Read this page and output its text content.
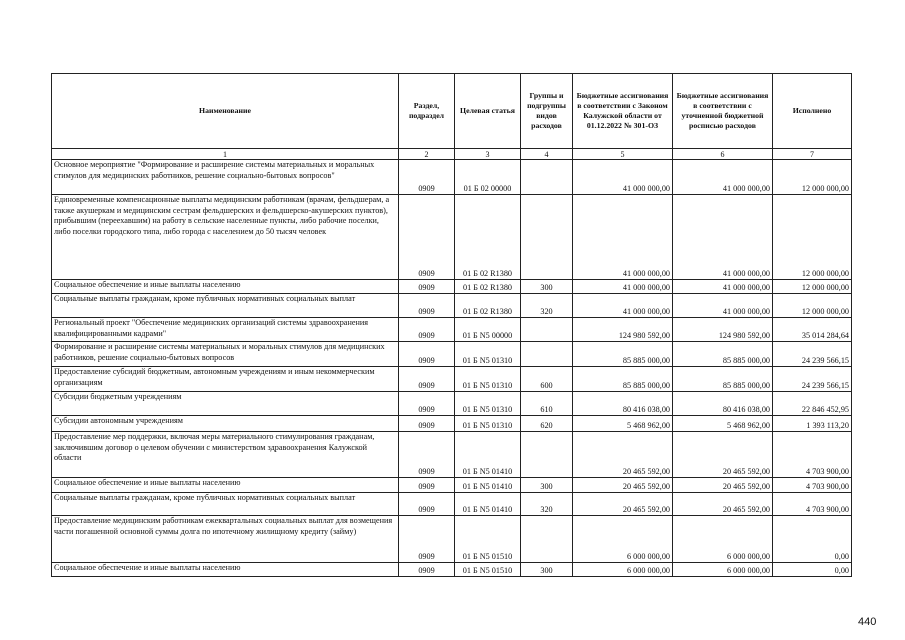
Наименование	Раздел, подраздел	Целевая статья	Группы и подгруппы видов расходов	Бюджетные ассигнования в соответствии с Законом Калужской области от 01.12.2022 № 301-ОЗ	Бюджетные ассигнования в соответствии с уточненной бюджетной росписью расходов	Исполнено
1	2	3	4	5	6	7
Основное мероприятие "Формирование и расширение системы материальных и моральных стимулов для медицинских работников, решение социально-бытовых вопросов"	0909	01 Б 02 00000		41 000 000,00	41 000 000,00	12 000 000,00
Единовременные компенсационные выплаты медицинским работникам (врачам, фельдшерам, а также акушеркам и медицинским сестрам фельдшерских и фельдшерско-акушерских пунктов), прибывшим (переехавшим) на работу в сельские населенные пункты, либо рабочие поселки, либо поселки городского типа, либо города с населением до 50 тысяч человек	0909	01 Б 02 R1380		41 000 000,00	41 000 000,00	12 000 000,00
Социальное обеспечение и иные выплаты населению	0909	01 Б 02 R1380	300	41 000 000,00	41 000 000,00	12 000 000,00
Социальные выплаты гражданам, кроме публичных нормативных социальных выплат	0909	01 Б 02 R1380	320	41 000 000,00	41 000 000,00	12 000 000,00
Региональный проект "Обеспечение медицинских организаций системы здравоохранения квалифицированными кадрами"	0909	01 Б N5 00000		124 980 592,00	124 980 592,00	35 014 284,64
Формирование и расширение системы материальных и моральных стимулов для медицинских работников, решение социально-бытовых вопросов	0909	01 Б N5 01310		85 885 000,00	85 885 000,00	24 239 566,15
Предоставление субсидий бюджетным, автономным учреждениям и иным некоммерческим организациям	0909	01 Б N5 01310	600	85 885 000,00	85 885 000,00	24 239 566,15
Субсидии бюджетным учреждениям	0909	01 Б N5 01310	610	80 416 038,00	80 416 038,00	22 846 452,95
Субсидии автономным учреждениям	0909	01 Б N5 01310	620	5 468 962,00	5 468 962,00	1 393 113,20
Предоставление мер поддержки, включая меры материального стимулирования гражданам, заключившим договор о целевом обучении с министерством здравоохранения Калужской области	0909	01 Б N5 01410		20 465 592,00	20 465 592,00	4 703 900,00
Социальное обеспечение и иные выплаты населению	0909	01 Б N5 01410	300	20 465 592,00	20 465 592,00	4 703 900,00
Социальные выплаты гражданам, кроме публичных нормативных социальных выплат	0909	01 Б N5 01410	320	20 465 592,00	20 465 592,00	4 703 900,00
Предоставление медицинским работникам ежеквартальных социальных выплат для возмещения части погашенной основной суммы долга по ипотечному жилищному кредиту (займу)	0909	01 Б N5 01510		6 000 000,00	6 000 000,00	0,00
Социальное обеспечение и иные выплаты населению	0909	01 Б N5 01510	300	6 000 000,00	6 000 000,00	0,00
440
